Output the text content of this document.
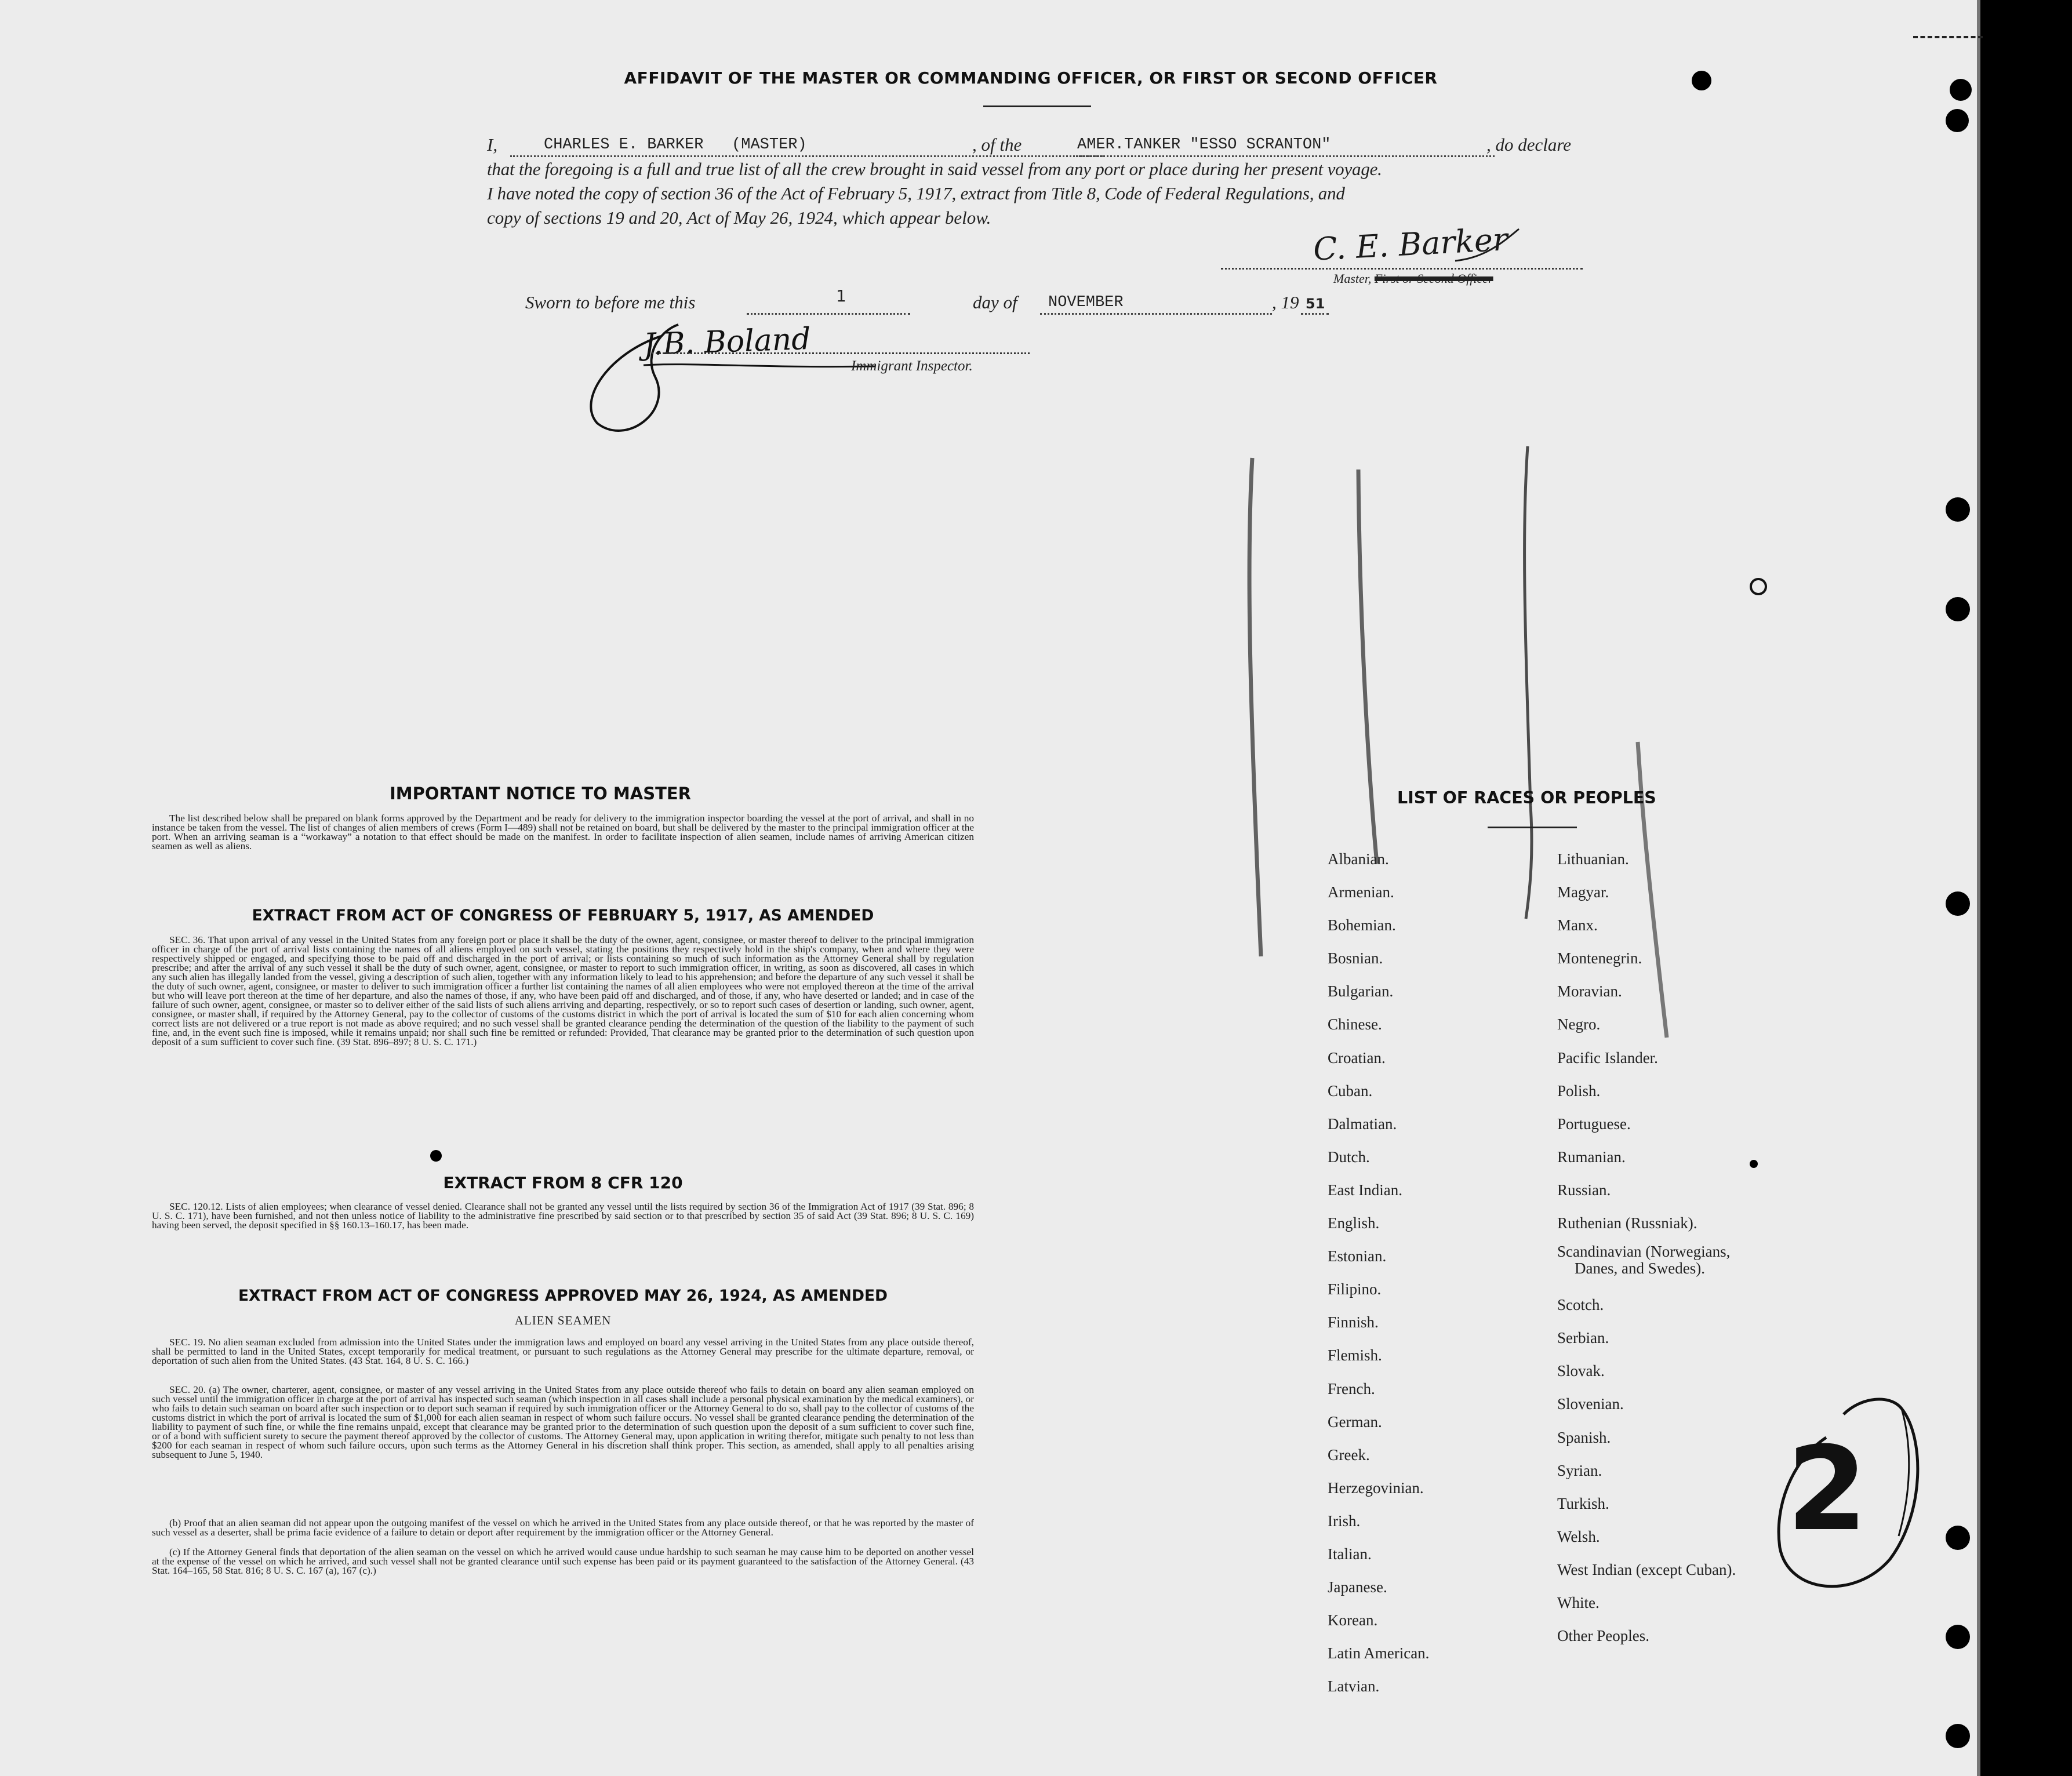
AFFIDAVIT OF THE MASTER OR COMMANDING OFFICER, OR FIRST OR SECOND OFFICER
I,	CHARLES E. BARKER   (MASTER)	, of the	AMER.TANKER "ESSO SCRANTON"	, do declare
that the foregoing is a full and true list of all the crew brought in said vessel from any port or place during her present voyage.
I have noted the copy of section 36 of the Act of February 5, 1917, extract from Title 8, Code of Federal Regulations, and
copy of sections 19 and 20, Act of May 26, 1924, which appear below.
C. E. Barker
Master, First or Second Officer
Sworn to before me this	1	day of NOVEMBER	, 19 51
J.B. Boland
Immigrant Inspector.
IMPORTANT NOTICE TO MASTER
The list described below shall be prepared on blank forms approved by the Department and be ready for delivery to the immigration inspector boarding the vessel at the port of arrival, and shall in no instance be taken from the vessel. The list of changes of alien members of crews (Form I—489) shall not be retained on board, but shall be delivered by the master to the principal immigration officer at the port. When an arriving seaman is a “workaway” a notation to that effect should be made on the manifest. In order to facilitate inspection of alien seamen, include names of arriving American citizen seamen as well as aliens.
EXTRACT FROM ACT OF CONGRESS OF FEBRUARY 5, 1917, AS AMENDED
SEC. 36. That upon arrival of any vessel in the United States from any foreign port or place it shall be the duty of the owner, agent, consignee, or master thereof to deliver to the principal immigration officer in charge of the port of arrival lists containing the names of all aliens employed on such vessel, stating the positions they respectively hold in the ship's company, when and where they were respectively shipped or engaged, and specifying those to be paid off and discharged in the port of arrival; or lists containing so much of such information as the Attorney General shall by regulation prescribe; and after the arrival of any such vessel it shall be the duty of such owner, agent, consignee, or master to report to such immigration officer, in writing, as soon as discovered, all cases in which any such alien has illegally landed from the vessel, giving a description of such alien, together with any information likely to lead to his apprehension; and before the departure of any such vessel it shall be the duty of such owner, agent, consignee, or master to deliver to such immigration officer a further list containing the names of all alien employees who were not employed thereon at the time of the arrival but who will leave port thereon at the time of her departure, and also the names of those, if any, who have been paid off and discharged, and of those, if any, who have deserted or landed; and in case of the failure of such owner, agent, consignee, or master so to deliver either of the said lists of such aliens arriving and departing, respectively, or so to report such cases of desertion or landing, such owner, agent, consignee, or master shall, if required by the Attorney General, pay to the collector of customs of the customs district in which the port of arrival is located the sum of $10 for each alien concerning whom correct lists are not delivered or a true report is not made as above required; and no such vessel shall be granted clearance pending the determination of the question of the liability to the payment of such fine, and, in the event such fine is imposed, while it remains unpaid; nor shall such fine be remitted or refunded: Provided, That clearance may be granted prior to the determination of such question upon deposit of a sum sufficient to cover such fine. (39 Stat. 896–897; 8 U. S. C. 171.)
EXTRACT FROM 8 CFR 120
SEC. 120.12. Lists of alien employees; when clearance of vessel denied. Clearance shall not be granted any vessel until the lists required by section 36 of the Immigration Act of 1917 (39 Stat. 896; 8 U. S. C. 171), have been furnished, and not then unless notice of liability to the administrative fine prescribed by said section or to that prescribed by section 35 of said Act (39 Stat. 896; 8 U. S. C. 169) having been served, the deposit specified in §§ 160.13–160.17, has been made.
EXTRACT FROM ACT OF CONGRESS APPROVED MAY 26, 1924, AS AMENDED
ALIEN SEAMEN
SEC. 19. No alien seaman excluded from admission into the United States under the immigration laws and employed on board any vessel arriving in the United States from any place outside thereof, shall be permitted to land in the United States, except temporarily for medical treatment, or pursuant to such regulations as the Attorney General may prescribe for the ultimate departure, removal, or deportation of such alien from the United States. (43 Stat. 164, 8 U. S. C. 166.)
SEC. 20. (a) The owner, charterer, agent, consignee, or master of any vessel arriving in the United States from any place outside thereof who fails to detain on board any alien seaman employed on such vessel until the immigration officer in charge at the port of arrival has inspected such seaman (which inspection in all cases shall include a personal physical examination by the medical examiners), or who fails to detain such seaman on board after such inspection or to deport such seaman if required by such immigration officer or the Attorney General to do so, shall pay to the collector of customs of the customs district in which the port of arrival is located the sum of $1,000 for each alien seaman in respect of whom such failure occurs. No vessel shall be granted clearance pending the determination of the liability to payment of such fine, or while the fine remains unpaid, except that clearance may be granted prior to the determination of such question upon the deposit of a sum sufficient to cover such fine, or of a bond with sufficient surety to secure the payment thereof approved by the collector of customs. The Attorney General may, upon application in writing therefor, mitigate such penalty to not less than $200 for each seaman in respect of whom such failure occurs, upon such terms as the Attorney General in his discretion shall think proper. This section, as amended, shall apply to all penalties arising subsequent to June 5, 1940.
(b) Proof that an alien seaman did not appear upon the outgoing manifest of the vessel on which he arrived in the United States from any place outside thereof, or that he was reported by the master of such vessel as a deserter, shall be prima facie evidence of a failure to detain or deport after requirement by the immigration officer or the Attorney General.
(c) If the Attorney General finds that deportation of the alien seaman on the vessel on which he arrived would cause undue hardship to such seaman he may cause him to be deported on another vessel at the expense of the vessel on which he arrived, and such vessel shall not be granted clearance until such expense has been paid or its payment guaranteed to the satisfaction of the Attorney General. (43 Stat. 164–165, 58 Stat. 816; 8 U. S. C. 167 (a), 167 (c).)
LIST OF RACES OR PEOPLES
Albanian.
Armenian.
Bohemian.
Bosnian.
Bulgarian.
Chinese.
Croatian.
Cuban.
Dalmatian.
Dutch.
East Indian.
English.
Estonian.
Filipino.
Finnish.
Flemish.
French.
German.
Greek.
Herzegovinian.
Irish.
Italian.
Japanese.
Korean.
Latin American.
Latvian.
Lithuanian.
Magyar.
Manx.
Montenegrin.
Moravian.
Negro.
Pacific Islander.
Polish.
Portuguese.
Rumanian.
Russian.
Ruthenian (Russniak).
Scandinavian (Norwegians,
Danes, and Swedes).
Scotch.
Serbian.
Slovak.
Slovenian.
Spanish.
Syrian.
Turkish.
Welsh.
West Indian (except Cuban).
White.
Other Peoples.
2
